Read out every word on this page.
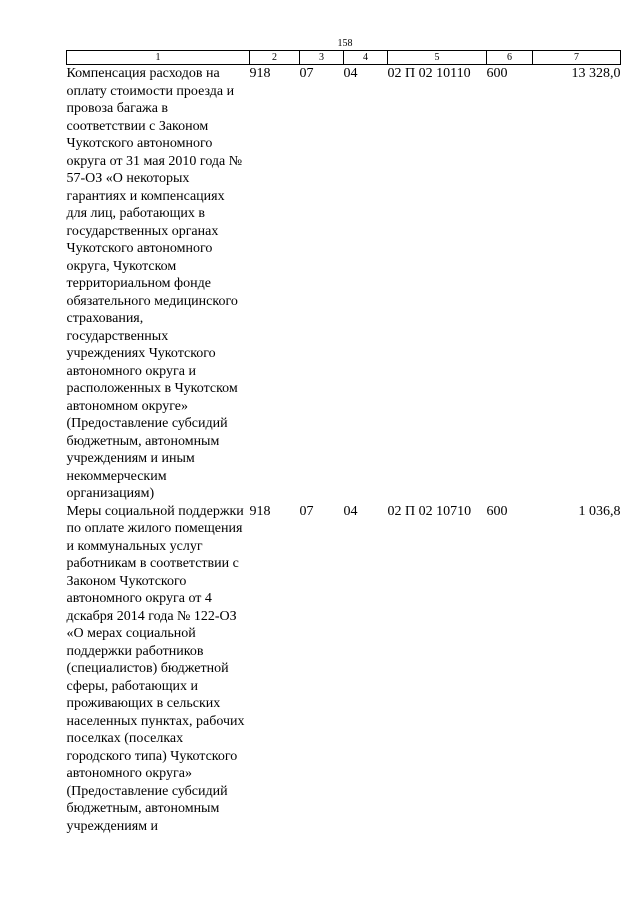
158
1	2	3	4	5	6	7
Компенсация расходов на оплату стоимости проезда и провоза багажа в соответствии с Законом Чукотского автономного округа от 31 мая 2010 года № 57-ОЗ «О некоторых гарантиях и компенсациях для лиц, работающих в государственных органах Чукотского автономного округа, Чукотском территориальном фонде обязательного медицинского страхования, государственных учреждениях Чукотского автономного округа и расположенных в Чукотском автономном округе» (Предоставление субсидий бюджетным, автономным учреждениям и иным некоммерческим организациям)	918	07	04	02 П 02 10110	600	13 328,0
Меры социальной поддержки по оплате жилого помещения и коммунальных услуг работникам в соответствии с Законом Чукотского автономного округа от 4 дскабря 2014 года № 122-ОЗ «О мерах социальной поддержки работников (специалистов) бюджетной сферы, работающих и проживающих в сельских населенных пунктах, рабочих поселках (поселках городского типа) Чукотского автономного округа» (Предоставление субсидий бюджетным, автономным учреждениям и	918	07	04	02 П 02 10710	600	1 036,8
